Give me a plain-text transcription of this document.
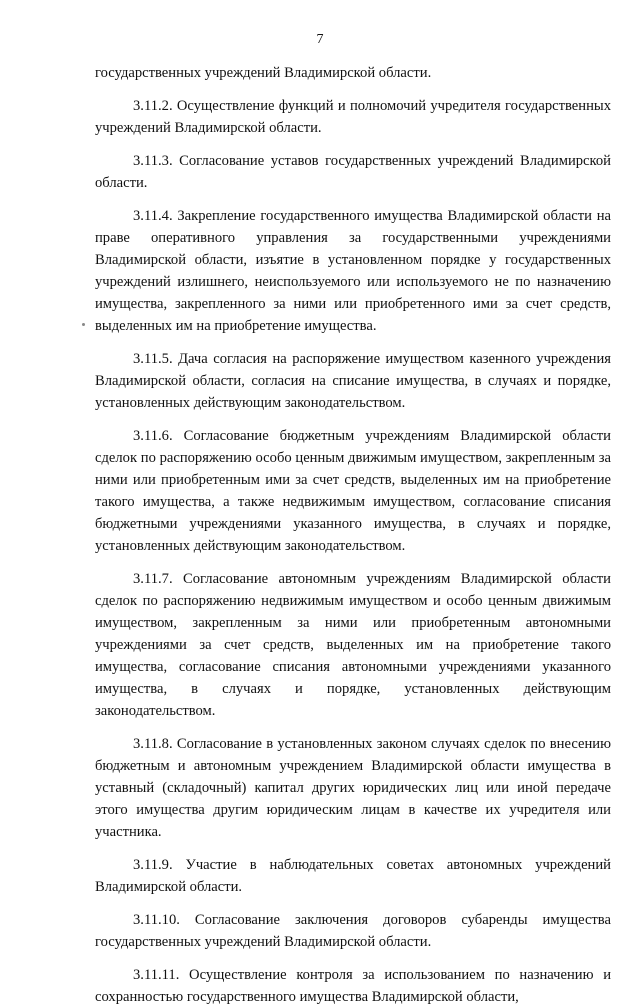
7

государственных учреждений Владимирской области.

3.11.2. Осуществление функций и полномочий учредителя государственных учреждений Владимирской области.

3.11.3. Согласование уставов государственных учреждений Владимирской области.

3.11.4. Закрепление государственного имущества Владимирской области на праве оперативного управления за государственными учреждениями Владимирской области, изъятие в установленном порядке у государственных учреждений излишнего, неиспользуемого или используемого не по назначению имущества, закрепленного за ними или приобретенного ими за счет средств, выделенных им на приобретение имущества.

3.11.5. Дача согласия на распоряжение имуществом казенного учреждения Владимирской области, согласия на списание имущества, в случаях и порядке, установленных действующим законодательством.

3.11.6. Согласование бюджетным учреждениям Владимирской области сделок по распоряжению особо ценным движимым имуществом, закрепленным за ними или приобретенным ими за счет средств, выделенных им на приобретение такого имущества, а также недвижимым имуществом, согласование списания бюджетными учреждениями указанного имущества, в случаях и порядке, установленных действующим законодательством.

3.11.7. Согласование автономным учреждениям Владимирской области сделок по распоряжению недвижимым имуществом и особо ценным движимым имуществом, закрепленным за ними или приобретенным автономными учреждениями за счет средств, выделенных им на приобретение такого имущества, согласование списания автономными учреждениями указанного имущества, в случаях и порядке, установленных действующим законодательством.

3.11.8. Согласование в установленных законом случаях сделок по внесению бюджетным и автономным учреждением Владимирской области имущества в уставный (складочный) капитал других юридических лиц или иной передаче этого имущества другим юридическим лицам в качестве их учредителя или участника.

3.11.9. Участие в наблюдательных советах автономных учреждений Владимирской области.

3.11.10. Согласование заключения договоров субаренды имущества государственных учреждений Владимирской области.

3.11.11. Осуществление контроля за использованием по назначению и сохранностью государственного имущества Владимирской области,
